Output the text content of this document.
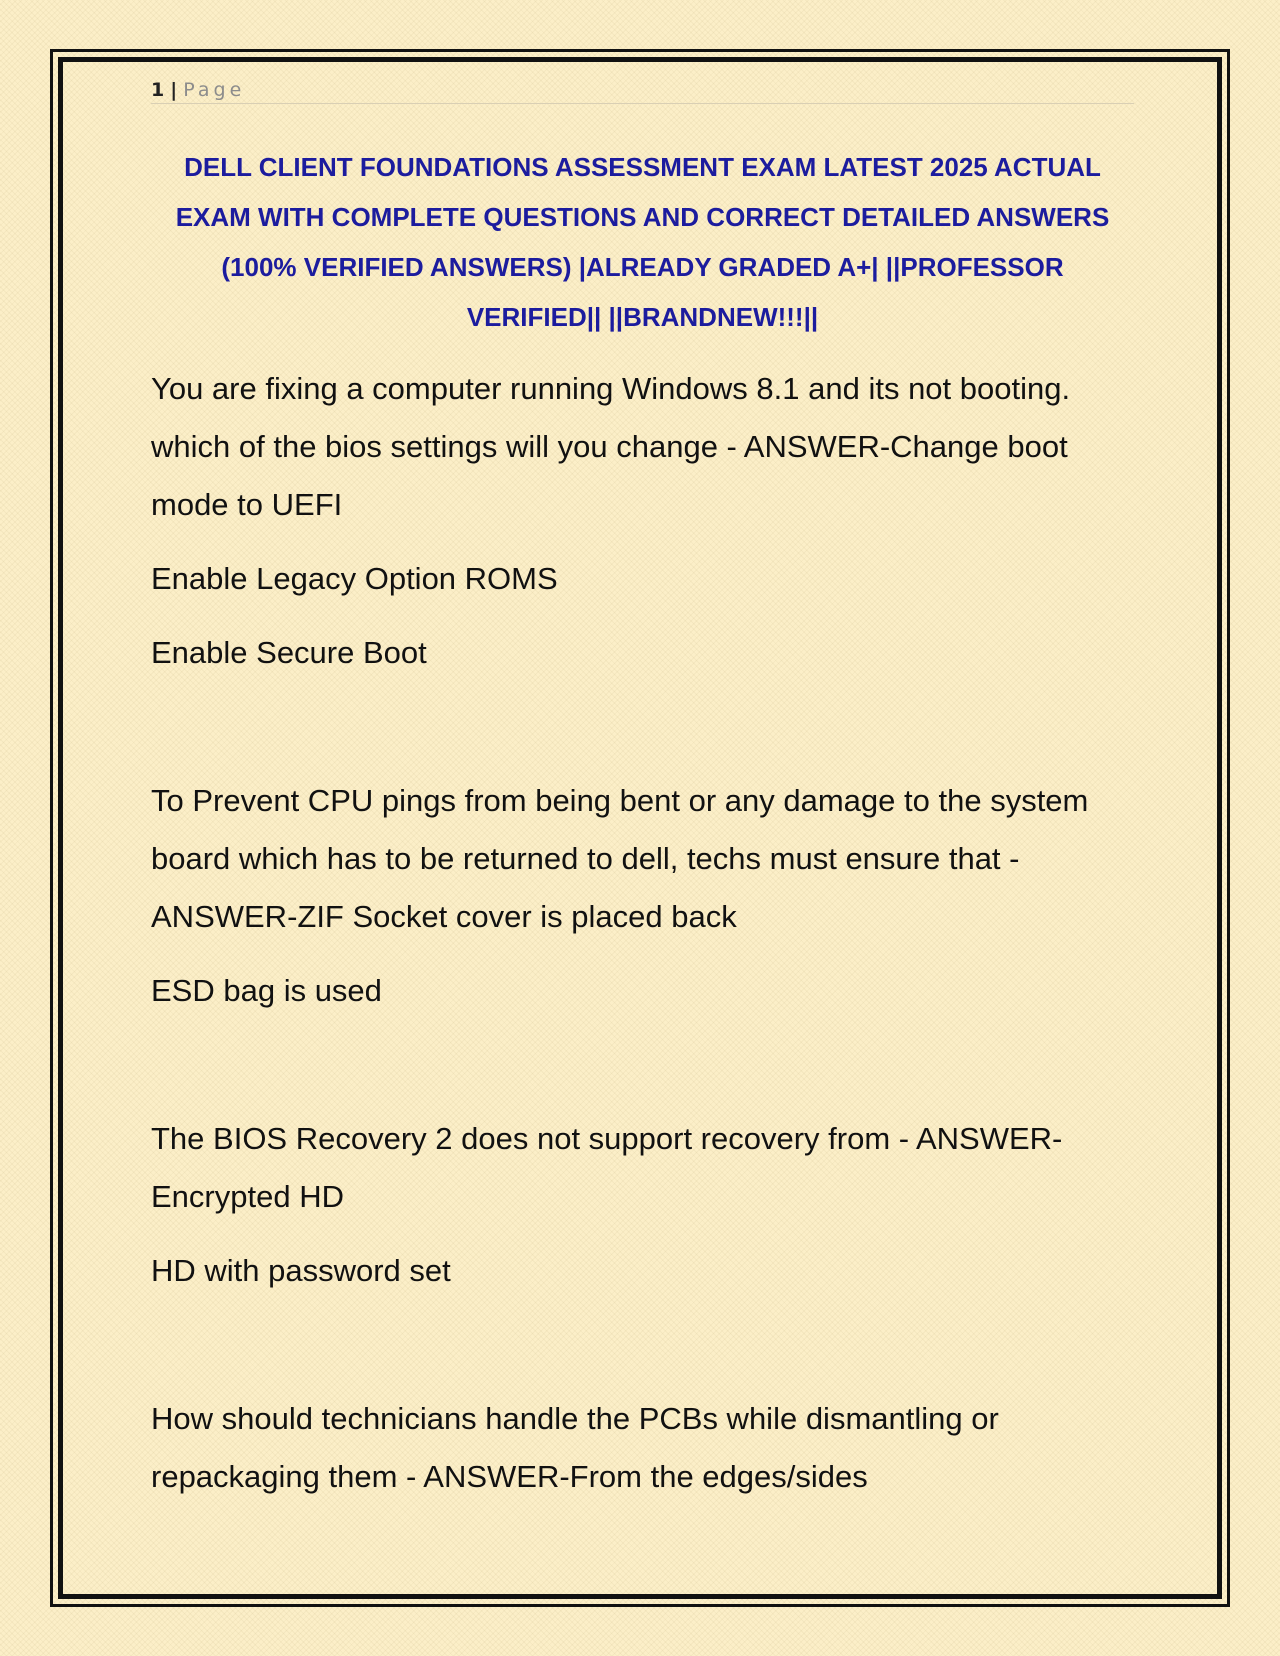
1 | Page
DELL CLIENT FOUNDATIONS ASSESSMENT EXAM LATEST 2025 ACTUAL EXAM WITH COMPLETE QUESTIONS AND CORRECT DETAILED ANSWERS (100% VERIFIED ANSWERS) |ALREADY GRADED A+| ||PROFESSOR VERIFIED|| ||BRANDNEW!!!||

You are fixing a computer running Windows 8.1 and its not booting. which of the bios settings will you change - ANSWER-Change boot mode to UEFI

Enable Legacy Option ROMS

Enable Secure Boot

To Prevent CPU pings from being bent or any damage to the system board which has to be returned to dell, techs must ensure that - ANSWER-ZIF Socket cover is placed back

ESD bag is used

The BIOS Recovery 2 does not support recovery from - ANSWER-Encrypted HD

HD with password set

How should technicians handle the PCBs while dismantling or repackaging them - ANSWER-From the edges/sides
